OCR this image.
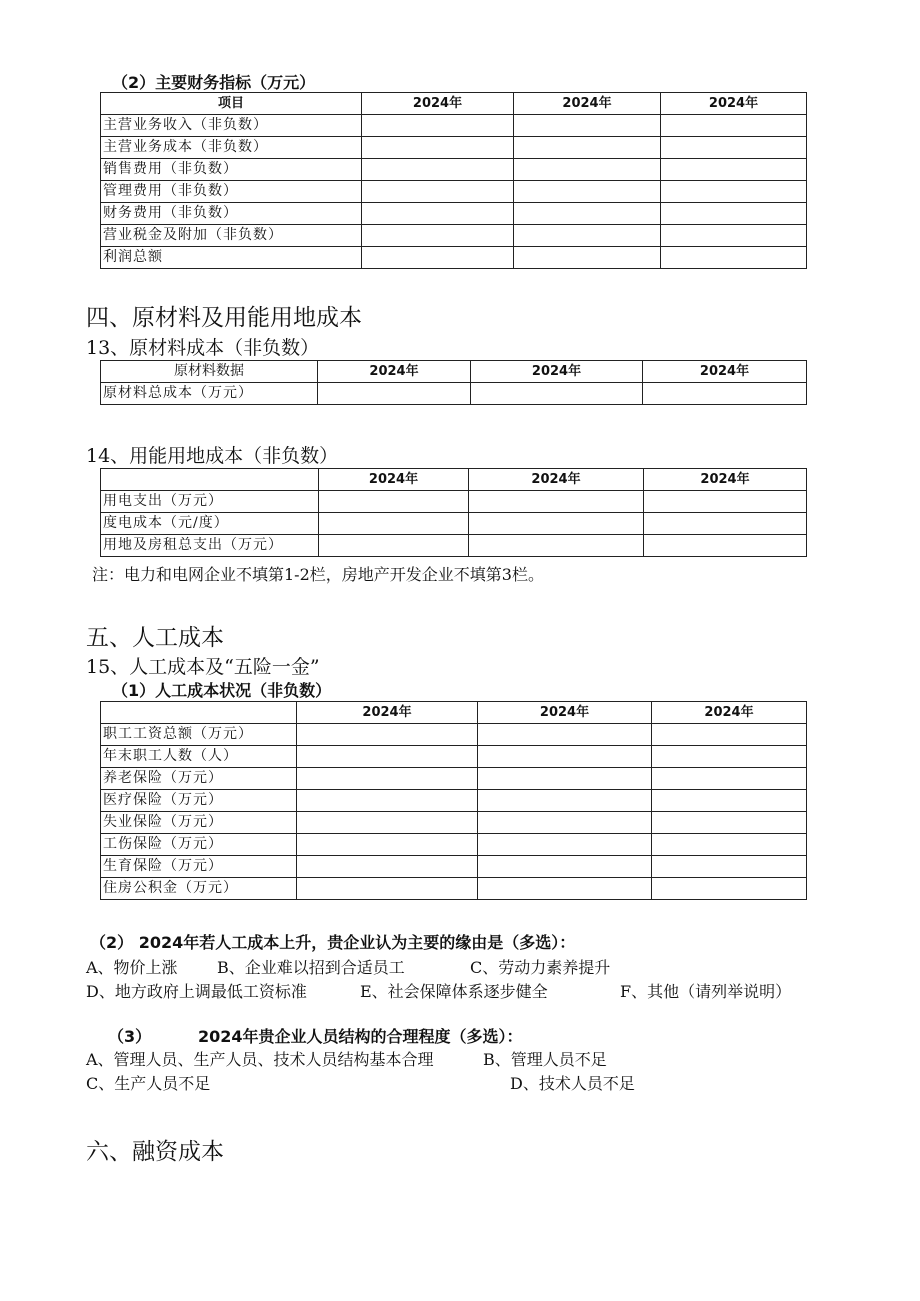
（2）主要财务指标（万元）
项目	2024年	2024年	2024年
主营业务收入（非负数）			
主营业务成本（非负数）			
销售费用（非负数）			
管理费用（非负数）			
财务费用（非负数）			
营业税金及附加（非负数）			
利润总额			
四、原材料及用能用地成本
13、原材料成本（非负数）
原材料数据	2024年	2024年	2024年
原材料总成本（万元）			
14、用能用地成本（非负数）
	2024年	2024年	2024年
用电支出（万元）			
度电成本（元/度）			
用地及房租总支出（万元）			
注：电力和电网企业不填第1-2栏，房地产开发企业不填第3栏。
五、人工成本
15、人工成本及“五险一金”
（1）人工成本状况（非负数）
	2024年	2024年	2024年
职工工资总额（万元）			
年末职工人数（人）			
养老保险（万元）			
医疗保险（万元）			
失业保险（万元）			
工伤保险（万元）			
生育保险（万元）			
住房公积金（万元）			
（2） 2024年若人工成本上升，贵企业认为主要的缘由是（多选）：
A、物价上涨 B、企业难以招到合适员工	C、劳动力素养提升
D、地方政府上调最低工资标准	E、社会保障体系逐步健全	F、其他（请列举说明）
（3）	2024年贵企业人员结构的合理程度（多选）：
A、管理人员、生产人员、技术人员结构基本合理	B、管理人员不足
C、生产人员不足	D、技术人员不足
六、融资成本
